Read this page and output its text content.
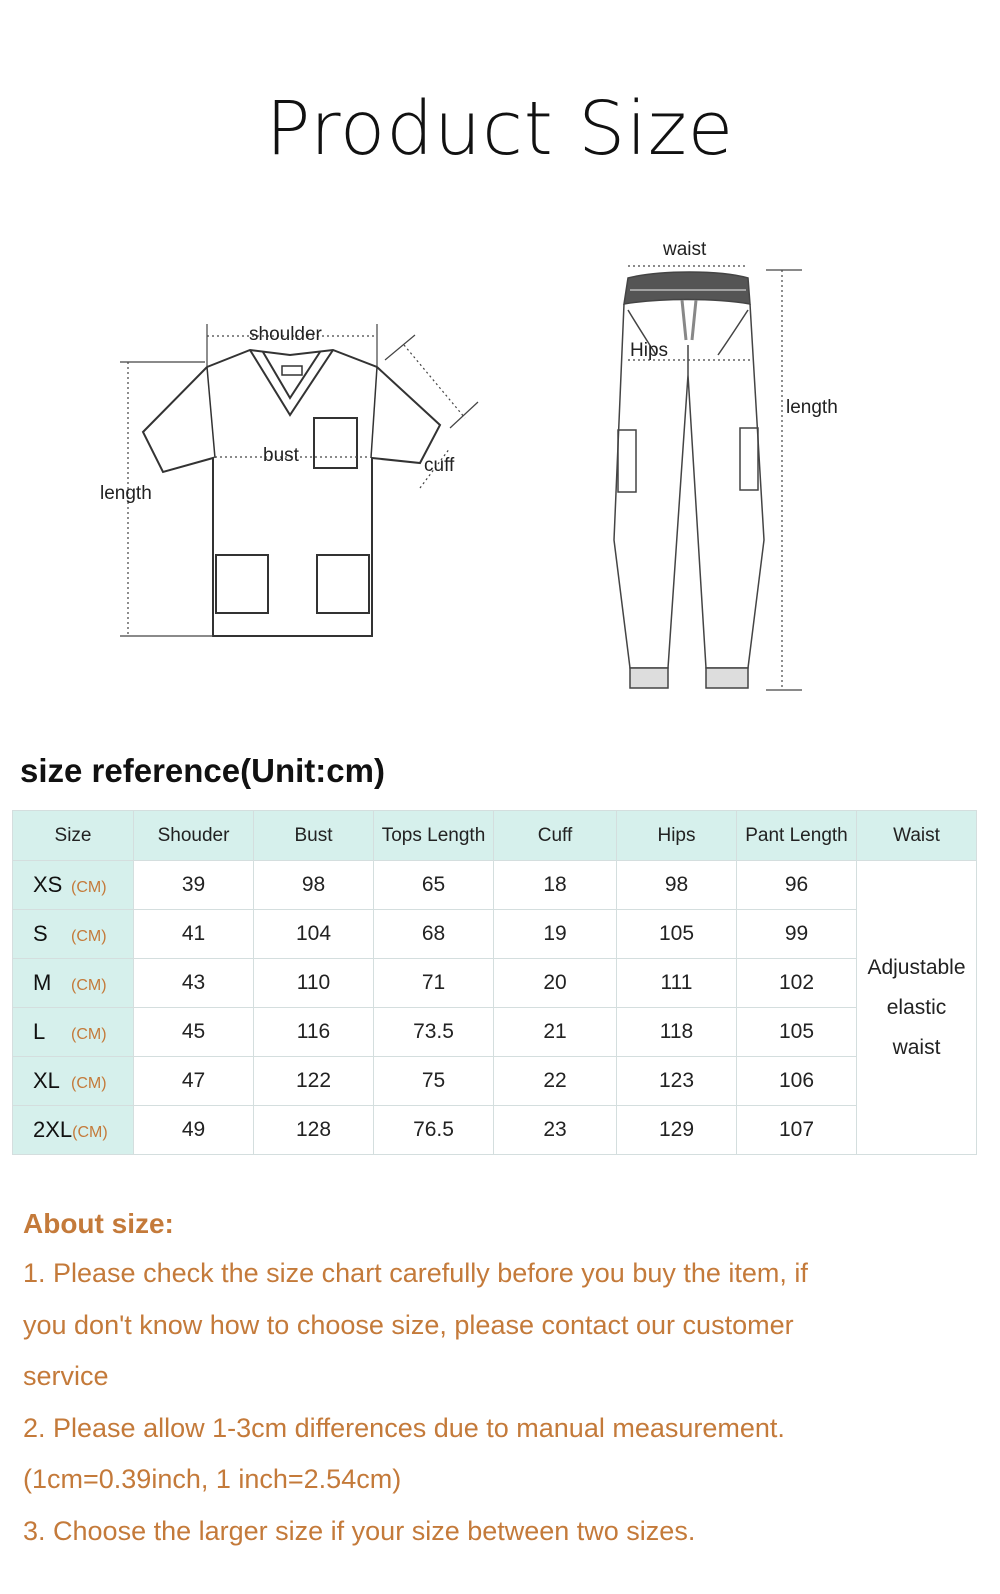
Product Size
shoulder
bust	cuff
length
waist
Hips
length
size reference(Unit:cm)
Size	Shouder	Bust	Tops Length	Cuff	Hips	Pant Length	Waist
XS (CM)	39	98	65	18	98	96	Adjustable
elastic
waist

S (CM)	41	104	68	19	105	99	
M (CM)	43	110	71	20	111	102	
L (CM)	45	116	73.5	21	118	105	
XL (CM)	47	122	75	22	123	106	
2XL(CM)	49	128	76.5	23	129	107	
About size:

1. Please check the size chart carefully before you buy the item, if

you don't know how to choose size, please contact our customer

service

2. Please allow 1-3cm differences due to manual measurement.

(1cm=0.39inch, 1 inch=2.54cm)

3. Choose the larger size if your size between two sizes.
